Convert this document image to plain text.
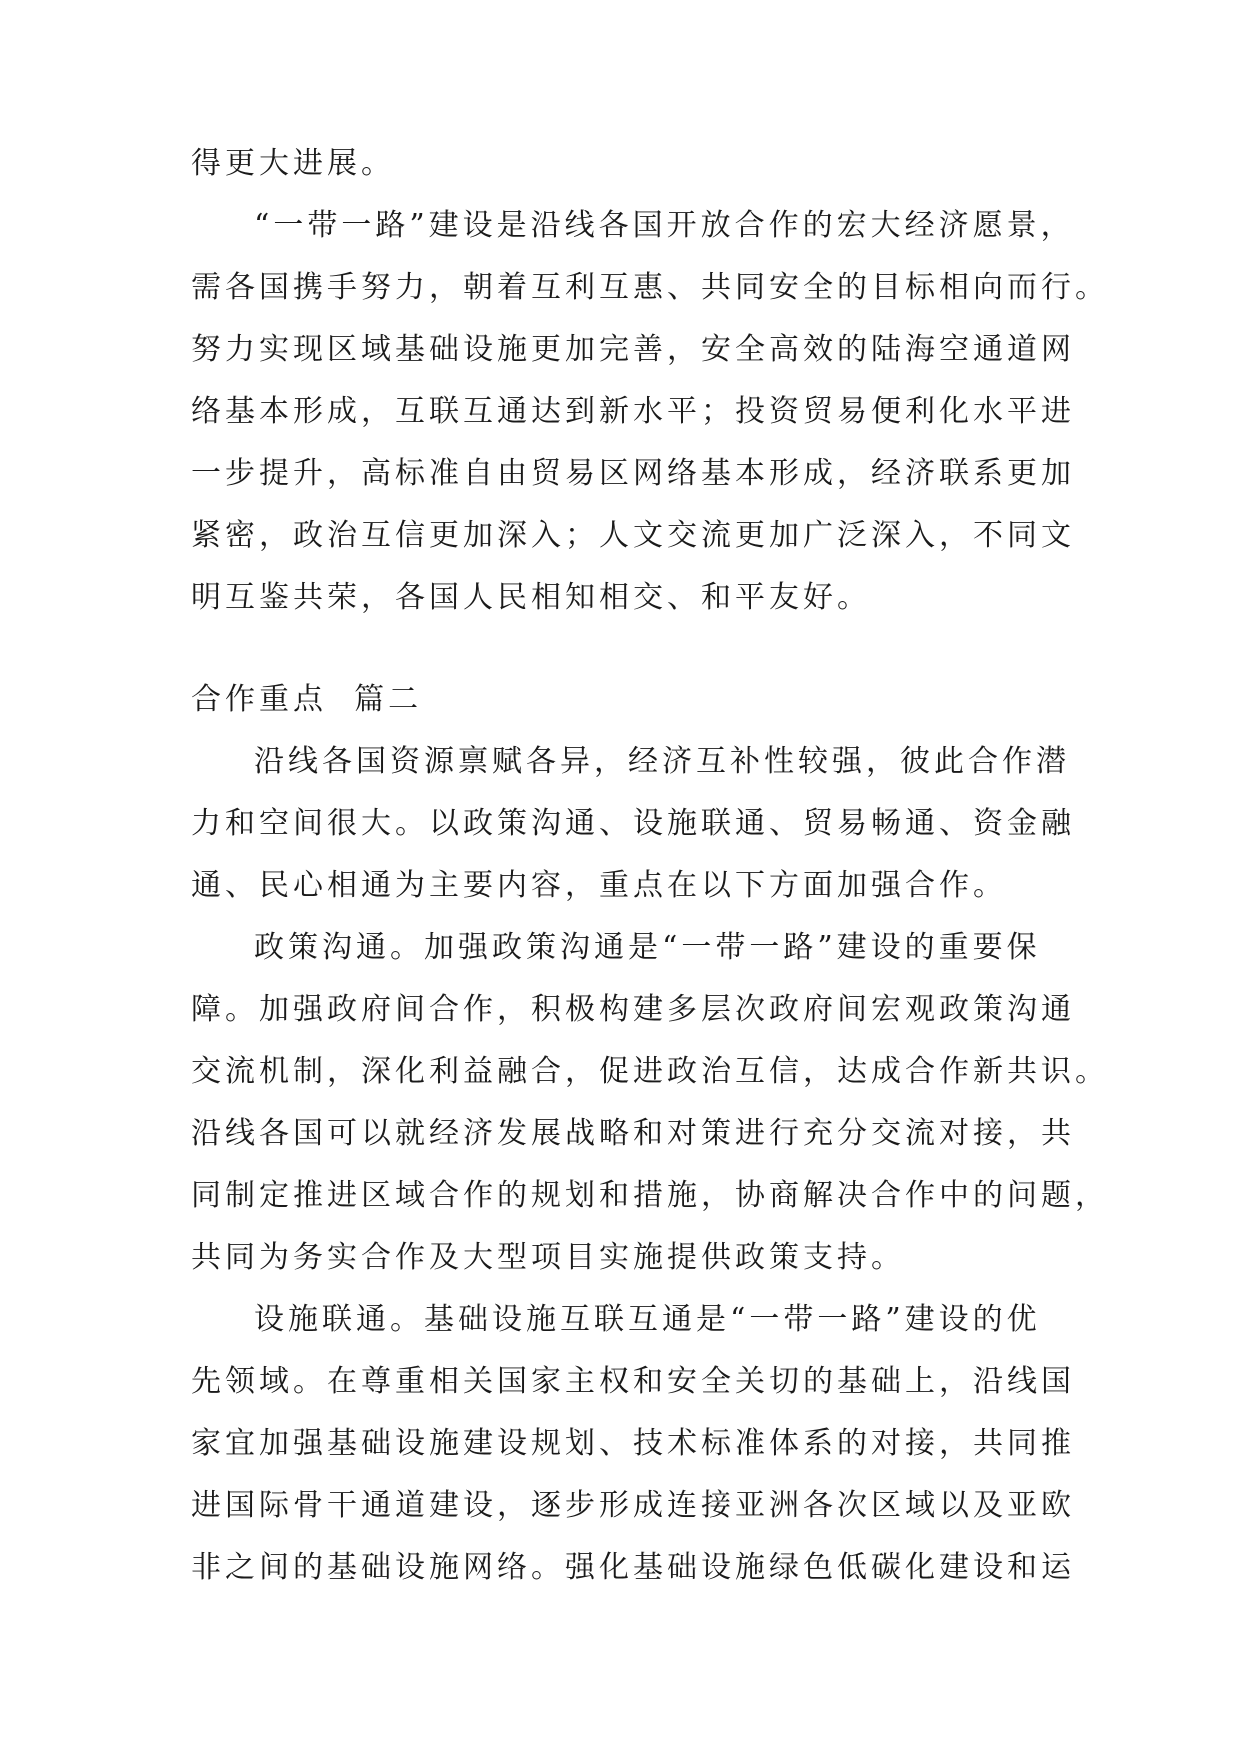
得更大进展。
“一带一路”建设是沿线各国开放合作的宏大经济愿景，
需各国携手努力，朝着互利互惠、共同安全的目标相向而行。
努力实现区域基础设施更加完善，安全高效的陆海空通道网
络基本形成，互联互通达到新水平；投资贸易便利化水平进
一步提升，高标准自由贸易区网络基本形成，经济联系更加
紧密，政治互信更加深入；人文交流更加广泛深入，不同文
明互鉴共荣，各国人民相知相交、和平友好。
合作重点  篇二
沿线各国资源禀赋各异，经济互补性较强，彼此合作潜
力和空间很大。以政策沟通、设施联通、贸易畅通、资金融
通、民心相通为主要内容，重点在以下方面加强合作。
政策沟通。加强政策沟通是“一带一路”建设的重要保
障。加强政府间合作，积极构建多层次政府间宏观政策沟通
交流机制，深化利益融合，促进政治互信，达成合作新共识。
沿线各国可以就经济发展战略和对策进行充分交流对接，共
同制定推进区域合作的规划和措施，协商解决合作中的问题，
共同为务实合作及大型项目实施提供政策支持。
设施联通。基础设施互联互通是“一带一路”建设的优
先领域。在尊重相关国家主权和安全关切的基础上，沿线国
家宜加强基础设施建设规划、技术标准体系的对接，共同推
进国际骨干通道建设，逐步形成连接亚洲各次区域以及亚欧
非之间的基础设施网络。强化基础设施绿色低碳化建设和运
